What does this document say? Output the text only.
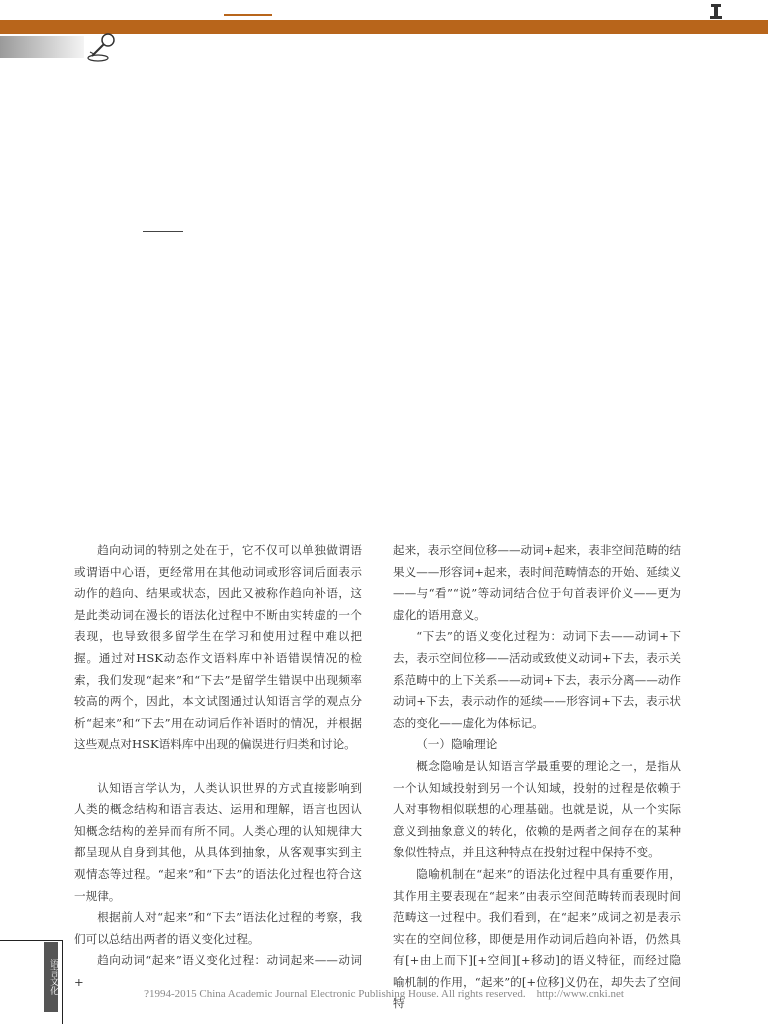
趋向动词的特别之处在于，它不仅可以单独做谓语或谓语中心语，更经常用在其他动词或形容词后面表示动作的趋向、结果或状态，因此又被称作趋向补语，这是此类动词在漫长的语法化过程中不断由实转虚的一个表现，也导致很多留学生在学习和使用过程中难以把握。通过对HSK动态作文语料库中补语错误情况的检索，我们发现“起来”和“下去”是留学生错误中出现频率较高的两个，因此，本文试图通过认知语言学的观点分析“起来”和“下去”用在动词后作补语时的情况，并根据这些观点对HSK语料库中出现的偏误进行归类和讨论。

认知语言学认为，人类认识世界的方式直接影响到人类的概念结构和语言表达、运用和理解，语言也因认知概念结构的差异而有所不同。人类心理的认知规律大都呈现从自身到其他，从具体到抽象，从客观事实到主观情态等过程。“起来”和“下去”的语法化过程也符合这一规律。

根据前人对“起来”和“下去”语法化过程的考察，我们可以总结出两者的语义变化过程。

趋向动词“起来”语义变化过程：动词起来——动词+

起来，表示空间位移——动词+起来，表非空间范畴的结果义——形容词+起来，表时间范畴情态的开始、延续义——与“看”“说”等动词结合位于句首表评价义——更为虚化的语用意义。

“下去”的语义变化过程为：动词下去——动词+下去，表示空间位移——活动或致使义动词+下去，表示关系范畴中的上下关系——动词+下去，表示分离——动作动词+下去，表示动作的延续——形容词+下去，表示状态的变化——虚化为体标记。

（一）隐喻理论

概念隐喻是认知语言学最重要的理论之一，是指从一个认知域投射到另一个认知域，投射的过程是依赖于人对事物相似联想的心理基础。也就是说，从一个实际意义到抽象意义的转化，依赖的是两者之间存在的某种象似性特点，并且这种特点在投射过程中保持不变。

隐喻机制在“起来”的语法化过程中具有重要作用，其作用主要表现在“起来”由表示空间范畴转而表现时间范畴这一过程中。我们看到，在“起来”成词之初是表示实在的空间位移，即便是用作动词后趋向补语，仍然具有[+由上而下][+空间][+移动]的语义特征，而经过隐喻机制的作用，“起来”的[+位移]义仍在，却失去了空间特

语言文化	?1994-2015 China Academic Journal Electronic Publishing House. All rights reserved.    http://www.cnki.net
